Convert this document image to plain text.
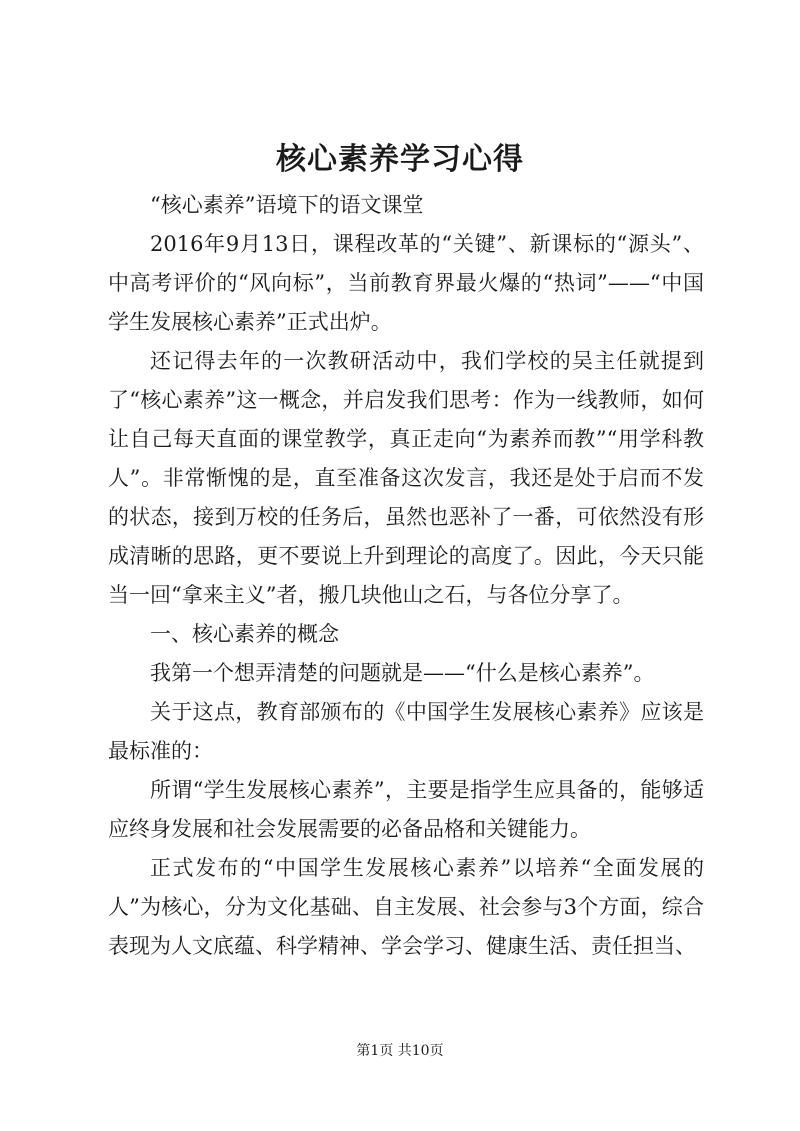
核心素养学习心得

“核心素养”语境下的语文课堂

2016年9月13日，课程改革的“关键”、新课标的“源头”、中高考评价的“风向标”，当前教育界最火爆的“热词”——“中国学生发展核心素养”正式出炉。

还记得去年的一次教研活动中，我们学校的吴主任就提到了“核心素养”这一概念，并启发我们思考：作为一线教师，如何让自己每天直面的课堂教学，真正走向“为素养而教”“用学科教人”。非常惭愧的是，直至准备这次发言，我还是处于启而不发的状态，接到万校的任务后，虽然也恶补了一番，可依然没有形成清晰的思路，更不要说上升到理论的高度了。因此，今天只能当一回“拿来主义”者，搬几块他山之石，与各位分享了。

一、核心素养的概念

我第一个想弄清楚的问题就是——“什么是核心素养”。

关于这点，教育部颁布的《中国学生发展核心素养》应该是最标准的：

所谓“学生发展核心素养”，主要是指学生应具备的，能够适应终身发展和社会发展需要的必备品格和关键能力。

正式发布的“中国学生发展核心素养”以培养“全面发展的人”为核心，分为文化基础、自主发展、社会参与3个方面，综合表现为人文底蕴、科学精神、学会学习、健康生活、责任担当、

第1页 共10页
